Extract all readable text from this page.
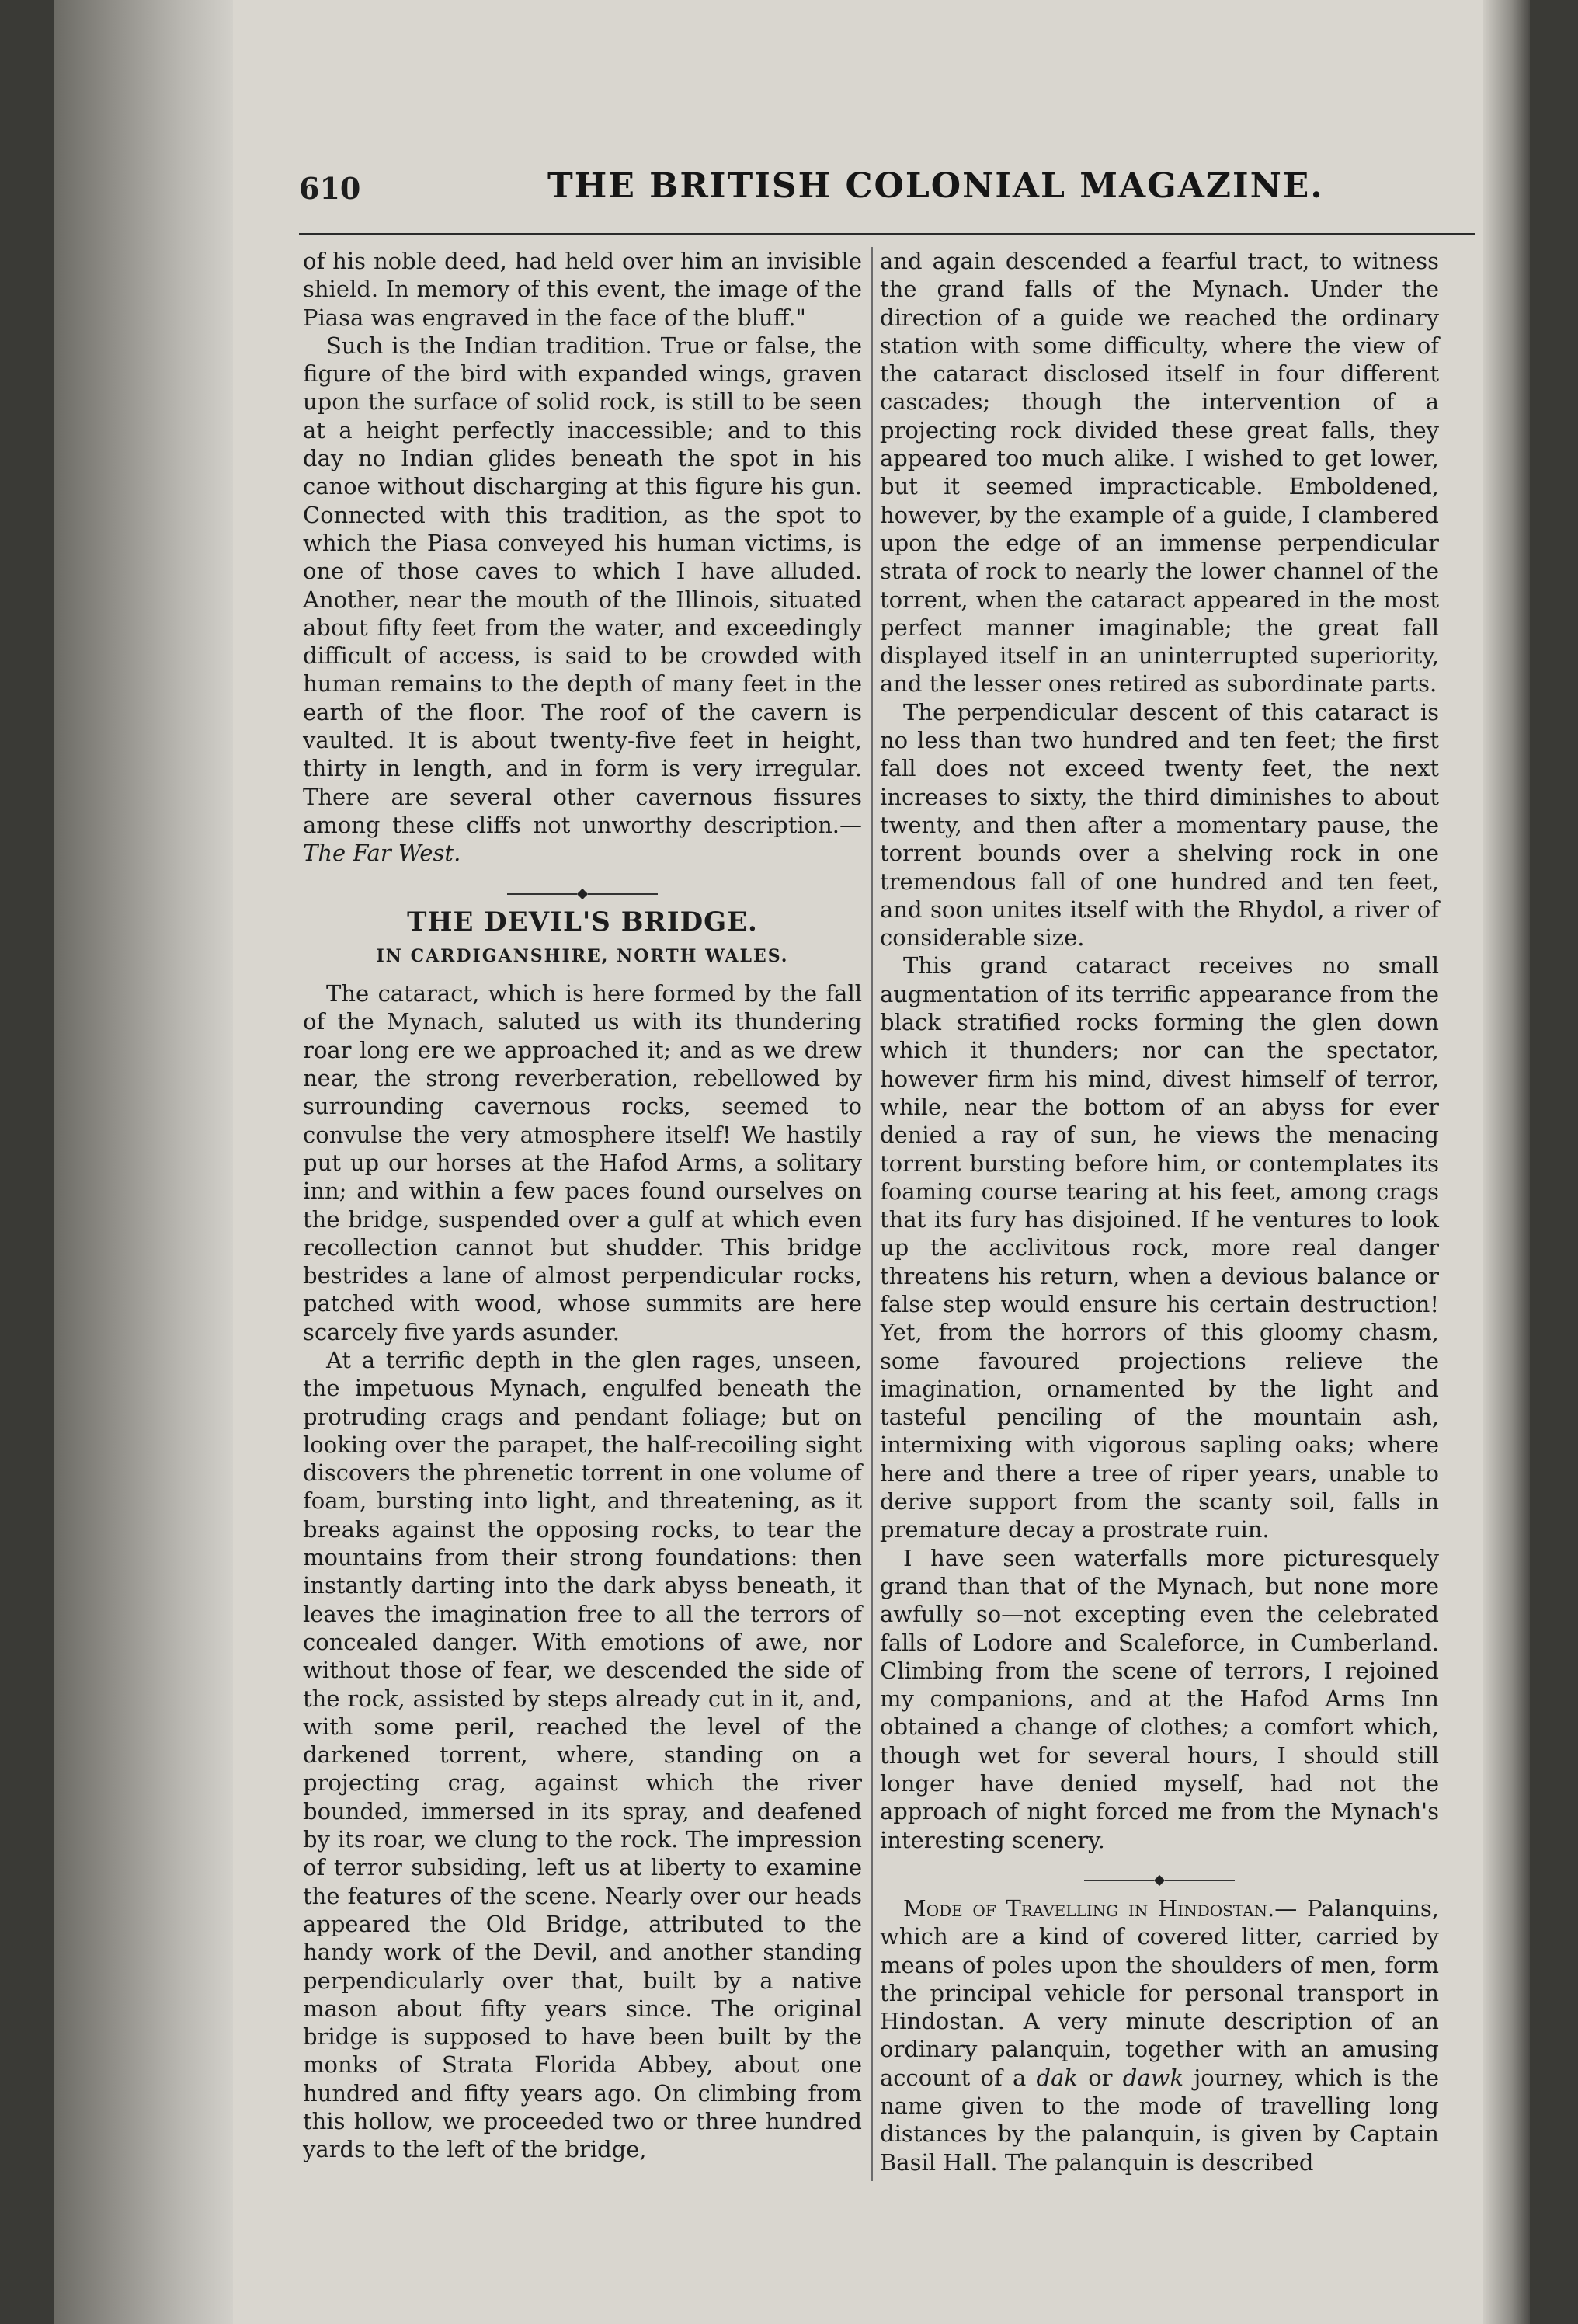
610	THE BRITISH COLONIAL MAGAZINE.

of his noble deed, had held over him an invisible shield. In memory of this event, the image of the Piasa was engraved in the face of the bluff."

Such is the Indian tradition. True or false, the figure of the bird with expanded wings, graven upon the surface of solid rock, is still to be seen at a height perfectly inaccessible; and to this day no Indian glides beneath the spot in his canoe without discharging at this figure his gun. Connected with this tradition, as the spot to which the Piasa conveyed his human victims, is one of those caves to which I have alluded. Another, near the mouth of the Illinois, situated about fifty feet from the water, and exceedingly difficult of access, is said to be crowded with human remains to the depth of many feet in the earth of the floor. The roof of the cavern is vaulted. It is about twenty-five feet in height, thirty in length, and in form is very irregular. There are several other cavernous fissures among these cliffs not unworthy description.—The Far West.

THE DEVIL'S BRIDGE.
IN CARDIGANSHIRE, NORTH WALES.

The cataract, which is here formed by the fall of the Mynach, saluted us with its thundering roar long ere we approached it; and as we drew near, the strong reverberation, rebellowed by surrounding cavernous rocks, seemed to convulse the very atmosphere itself! We hastily put up our horses at the Hafod Arms, a solitary inn; and within a few paces found ourselves on the bridge, suspended over a gulf at which even recollection cannot but shudder. This bridge bestrides a lane of almost perpendicular rocks, patched with wood, whose summits are here scarcely five yards asunder.

At a terrific depth in the glen rages, unseen, the impetuous Mynach, engulfed beneath the protruding crags and pendant foliage; but on looking over the parapet, the half-recoiling sight discovers the phrenetic torrent in one volume of foam, bursting into light, and threatening, as it breaks against the opposing rocks, to tear the mountains from their strong foundations: then instantly darting into the dark abyss beneath, it leaves the imagination free to all the terrors of concealed danger. With emotions of awe, nor without those of fear, we descended the side of the rock, assisted by steps already cut in it, and, with some peril, reached the level of the darkened torrent, where, standing on a projecting crag, against which the river bounded, immersed in its spray, and deafened by its roar, we clung to the rock. The impression of terror subsiding, left us at liberty to examine the features of the scene. Nearly over our heads appeared the Old Bridge, attributed to the handy work of the Devil, and another standing perpendicularly over that, built by a native mason about fifty years since. The original bridge is supposed to have been built by the monks of Strata Florida Abbey, about one hundred and fifty years ago. On climbing from this hollow, we proceeded two or three hundred yards to the left of the bridge,

and again descended a fearful tract, to witness the grand falls of the Mynach. Under the direction of a guide we reached the ordinary station with some difficulty, where the view of the cataract disclosed itself in four different cascades; though the intervention of a projecting rock divided these great falls, they appeared too much alike. I wished to get lower, but it seemed impracticable. Emboldened, however, by the example of a guide, I clambered upon the edge of an immense perpendicular strata of rock to nearly the lower channel of the torrent, when the cataract appeared in the most perfect manner imaginable; the great fall displayed itself in an uninterrupted superiority, and the lesser ones retired as subordinate parts.

The perpendicular descent of this cataract is no less than two hundred and ten feet; the first fall does not exceed twenty feet, the next increases to sixty, the third diminishes to about twenty, and then after a momentary pause, the torrent bounds over a shelving rock in one tremendous fall of one hundred and ten feet, and soon unites itself with the Rhydol, a river of considerable size.

This grand cataract receives no small augmentation of its terrific appearance from the black stratified rocks forming the glen down which it thunders; nor can the spectator, however firm his mind, divest himself of terror, while, near the bottom of an abyss for ever denied a ray of sun, he views the menacing torrent bursting before him, or contemplates its foaming course tearing at his feet, among crags that its fury has disjoined. If he ventures to look up the acclivitous rock, more real danger threatens his return, when a devious balance or false step would ensure his certain destruction! Yet, from the horrors of this gloomy chasm, some favoured projections relieve the imagination, ornamented by the light and tasteful penciling of the mountain ash, intermixing with vigorous sapling oaks; where here and there a tree of riper years, unable to derive support from the scanty soil, falls in premature decay a prostrate ruin.

I have seen waterfalls more picturesquely grand than that of the Mynach, but none more awfully so—not excepting even the celebrated falls of Lodore and Scaleforce, in Cumberland. Climbing from the scene of terrors, I rejoined my companions, and at the Hafod Arms Inn obtained a change of clothes; a comfort which, though wet for several hours, I should still longer have denied myself, had not the approach of night forced me from the Mynach's interesting scenery.

Mode of Travelling in Hindostan.— Palanquins, which are a kind of covered litter, carried by means of poles upon the shoulders of men, form the principal vehicle for personal transport in Hindostan. A very minute description of an ordinary palanquin, together with an amusing account of a dak or dawk journey, which is the name given to the mode of travelling long distances by the palanquin, is given by Captain Basil Hall. The palanquin is described
